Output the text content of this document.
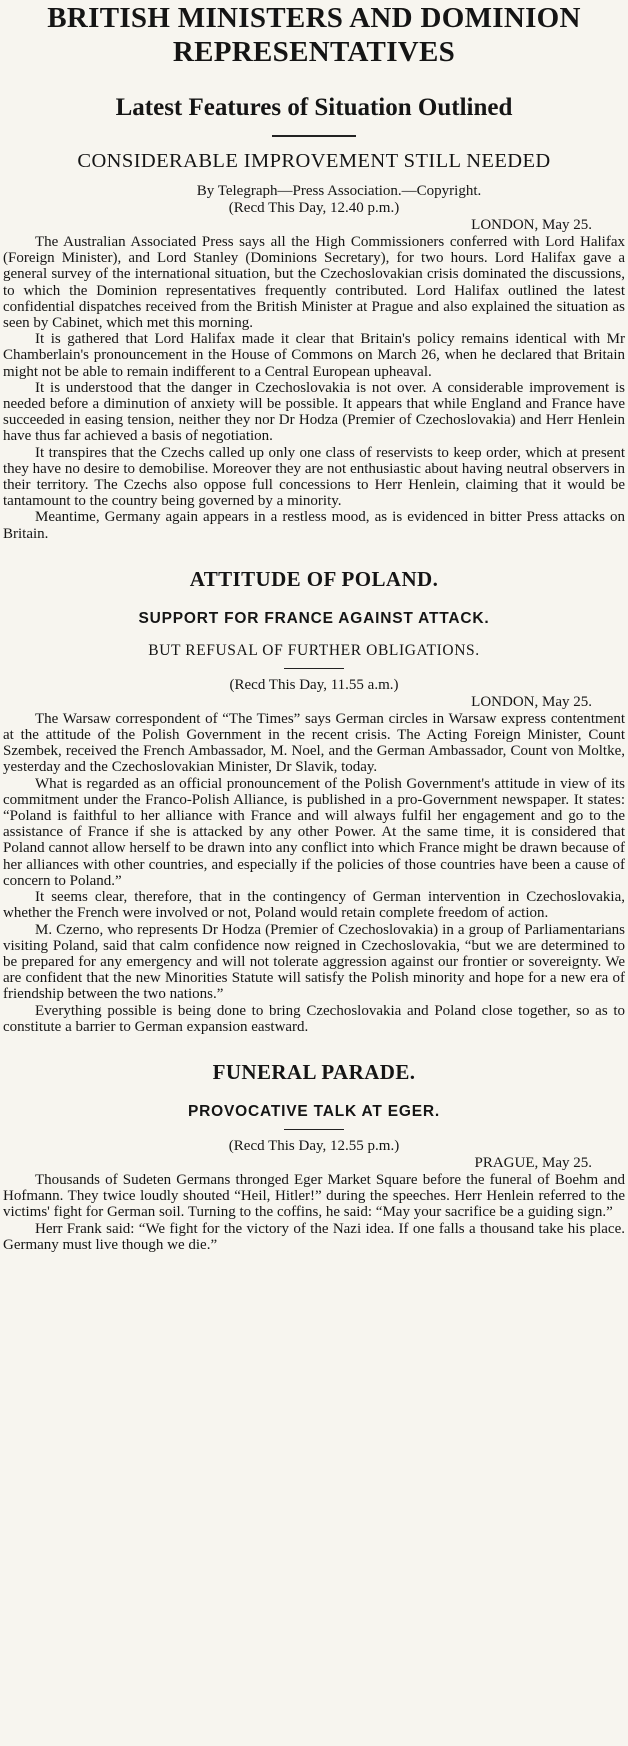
BRITISH MINISTERS AND DOMINION REPRESENTATIVES
Latest Features of Situation Outlined
CONSIDERABLE IMPROVEMENT STILL NEEDED
By Telegraph—Press Association.—Copyright.
(Recd This Day, 12.40 p.m.)
LONDON, May 25.

The Australian Associated Press says all the High Commissioners conferred with Lord Halifax (Foreign Minister), and Lord Stanley (Dominions Secretary), for two hours. Lord Halifax gave a general survey of the international situation, but the Czechoslovakian crisis dominated the discussions, to which the Dominion representatives frequently contributed. Lord Halifax outlined the latest confidential dispatches received from the British Minister at Prague and also explained the situation as seen by Cabinet, which met this morning.

It is gathered that Lord Halifax made it clear that Britain's policy remains identical with Mr Chamberlain's pronouncement in the House of Commons on March 26, when he declared that Britain might not be able to remain indifferent to a Central European upheaval.

It is understood that the danger in Czechoslovakia is not over. A considerable improvement is needed before a diminution of anxiety will be possible. It appears that while England and France have succeeded in easing tension, neither they nor Dr Hodza (Premier of Czechoslovakia) and Herr Henlein have thus far achieved a basis of negotiation.

It transpires that the Czechs called up only one class of reservists to keep order, which at present they have no desire to demobilise. Moreover they are not enthusiastic about having neutral observers in their territory. The Czechs also oppose full concessions to Herr Henlein, claiming that it would be tantamount to the country being governed by a minority.

Meantime, Germany again appears in a restless mood, as is evidenced in bitter Press attacks on Britain.

ATTITUDE OF POLAND.
SUPPORT FOR FRANCE AGAINST ATTACK.
BUT REFUSAL OF FURTHER OBLIGATIONS.
(Recd This Day, 11.55 a.m.)
LONDON, May 25.

The Warsaw correspondent of “The Times” says German circles in Warsaw express contentment at the attitude of the Polish Government in the recent crisis. The Acting Foreign Minister, Count Szembek, received the French Ambassador, M. Noel, and the German Ambassador, Count von Moltke, yesterday and the Czechoslovakian Minister, Dr Slavik, today.

What is regarded as an official pronouncement of the Polish Government's attitude in view of its commitment under the Franco-Polish Alliance, is published in a pro-Government newspaper. It states: “Poland is faithful to her alliance with France and will always fulfil her engagement and go to the assistance of France if she is attacked by any other Power. At the same time, it is considered that Poland cannot allow herself to be drawn into any conflict into which France might be drawn because of her alliances with other countries, and especially if the policies of those countries have been a cause of concern to Poland.”

It seems clear, therefore, that in the contingency of German intervention in Czechoslovakia, whether the French were involved or not, Poland would retain complete freedom of action.

M. Czerno, who represents Dr Hodza (Premier of Czechoslovakia) in a group of Parliamentarians visiting Poland, said that calm confidence now reigned in Czechoslovakia, “but we are determined to be prepared for any emergency and will not tolerate aggression against our frontier or sovereignty. We are confident that the new Minorities Statute will satisfy the Polish minority and hope for a new era of friendship between the two nations.”

Everything possible is being done to bring Czechoslovakia and Poland close together, so as to constitute a barrier to German expansion eastward.

FUNERAL PARADE.
PROVOCATIVE TALK AT EGER.
(Recd This Day, 12.55 p.m.)
PRAGUE, May 25.

Thousands of Sudeten Germans thronged Eger Market Square before the funeral of Boehm and Hofmann. They twice loudly shouted “Heil, Hitler!” during the speeches. Herr Henlein referred to the victims' fight for German soil. Turning to the coffins, he said: “May your sacrifice be a guiding sign.”

Herr Frank said: “We fight for the victory of the Nazi idea. If one falls a thousand take his place. Germany must live though we die.”
